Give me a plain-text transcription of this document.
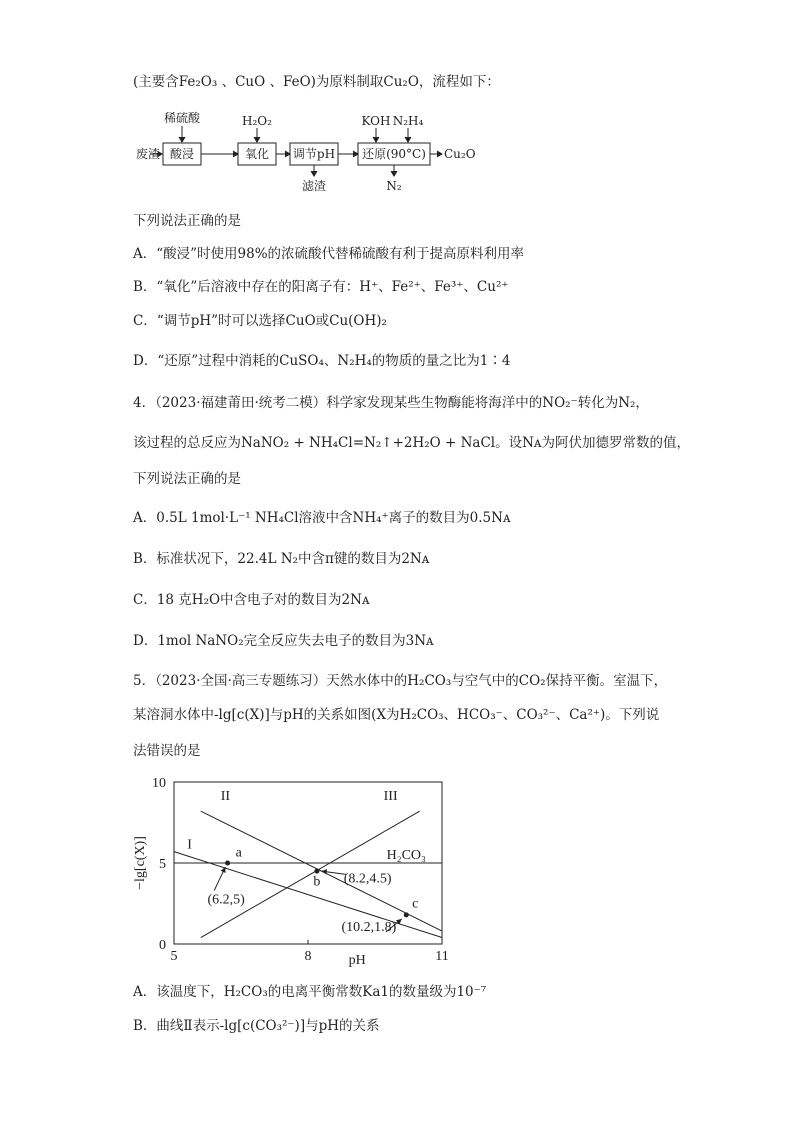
(主要含Fe₂O₃ 、CuO 、FeO)为原料制取Cu₂O，流程如下：
稀硫酸	H₂O₂	KOH N₂H₄
废渣 酸浸	氧化 调节pH 还原(90°C)
滤渣	N₂
Cu₂O
下列说法正确的是
A．“酸浸”时使用98%的浓硫酸代替稀硫酸有利于提高原料利用率
B．“氧化”后溶液中存在的阳离子有：H⁺、Fe²⁺、Fe³⁺、Cu²⁺
C．“调节pH”时可以选择CuO或Cu(OH)₂
D．“还原”过程中消耗的CuSO₄、N₂H₄的物质的量之比为1∶4
4．（2023·福建莆田·统考二模）科学家发现某些生物酶能将海洋中的NO₂⁻转化为N₂，
该过程的总反应为NaNO₂ + NH₄Cl=N₂↑+2H₂O + NaCl。设Nᴀ为阿伏加德罗常数的值，
下列说法正确的是
A．0.5L 1mol·L⁻¹ NH₄Cl溶液中含NH₄⁺离子的数目为0.5Nᴀ
B．标准状况下，22.4L N₂中含π键的数目为2Nᴀ
C．18 克H₂O中含电子对的数目为2Nᴀ
D．1mol NaNO₂完全反应失去电子的数目为3Nᴀ
5．（2023·全国·高三专题练习）天然水体中的H₂CO₃与空气中的CO₂保持平衡。室温下，
某溶洞水体中-lg[c(X)]与pH的关系如图(X为H₂CO₃、HCO₃⁻、CO₃²⁻、Ca²⁺)。下列说
法错误的是
5	8	11
0
5
10
pH
−lg[c(X)]	I
II	III
H₂CO₃
a
(6.2,5)
b (8.2,4.5)
c
(10.2,1.8)
A．该温度下，H₂CO₃的电离平衡常数Ka1的数量级为10⁻⁷
B．曲线Ⅱ表示-lg[c(CO₃²⁻)]与pH的关系
